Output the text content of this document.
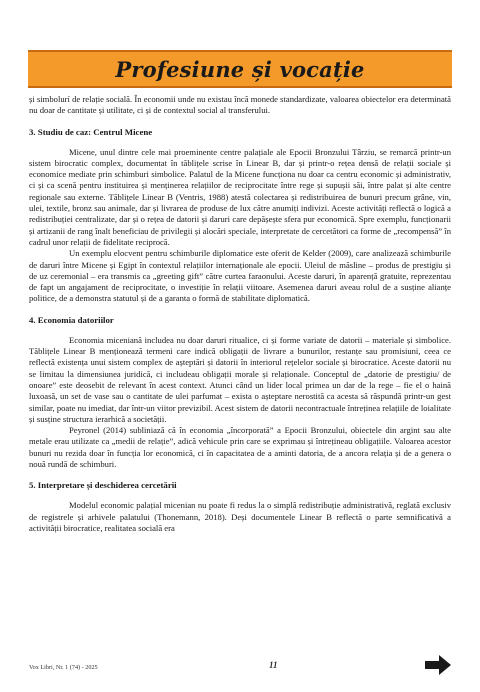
Profesiune și vocație

și simbolurí de relație socială. În economii unde nu existau încă monede standardizate, valoarea obiectelor era determinată nu doar de cantitate și utilitate, ci și de contextul social al transferului.

3. Studiu de caz: Centrul Micene

Micene, unul dintre cele mai proeminente centre palațiale ale Epocii Bronzului Târziu, se remarcă printr-un sistem birocratic complex, documentat în tăblițele scrise în Linear B, dar și printr-o rețea densă de relații sociale și economice mediate prin schimburi simbolice. Palatul de la Micene funcționa nu doar ca centru economic și administrativ, ci și ca scenă pentru instituirea și menținerea relațiilor de reciprocitate între rege și supușii săi, între palat și alte centre regionale sau externe. Tăblițele Linear B (Ventris, 1988) atestă colectarea și redistribuirea de bunuri precum grâne, vin, ulei, textile, bronz sau animale, dar și livrarea de produse de lux către anumiți indivizi. Aceste activități reflectă o logică a redistribuției centralizate, dar și o rețea de datorii și daruri care depășește sfera pur economică. Spre exemplu, funcționarii și artizanii de rang înalt beneficiau de privilegii și alocări speciale, interpretate de cercetători ca forme de „recompensă” în cadrul unor relații de fidelitate reciprocă.

Un exemplu elocvent pentru schimburile diplomatice este oferit de Kelder (2009), care analizează schimburile de daruri între Micene și Egipt în contextul relațiilor internaționale ale epocii. Uleiul de măsline – produs de prestigiu și de uz ceremonial – era transmis ca „greeting gift” către curtea faraonului. Aceste daruri, în aparență gratuite, reprezentau de fapt un angajament de reciprocitate, o investiție în relații viitoare. Asemenea daruri aveau rolul de a susține alianțe politice, de a demonstra statutul și de a garanta o formă de stabilitate diplomatică.

4. Economia datoriilor

Economia miceniană includea nu doar daruri ritualice, ci și forme variate de datorii – materiale și simbolice. Tăblițele Linear B menționează termeni care indică obligații de livrare a bunurilor, restanțe sau promisiuni, ceea ce reflectă existența unui sistem complex de așteptări și datorii în interiorul rețelelor sociale și birocratice. Aceste datorii nu se limitau la dimensiunea juridică, ci includeau obligații morale și relaționale. Conceptul de „datorie de prestigiu/ de onoare” este deosebit de relevant în acest context. Atunci când un lider local primea un dar de la rege – fie el o haină luxoasă, un set de vase sau o cantitate de ulei parfumat – exista o așteptare nerostită ca acesta să răspundă printr-un gest similar, poate nu imediat, dar într-un viitor previzibil. Acest sistem de datorii necontractuale întreținea relațiile de loialitate și susține structura ierarhică a societății.

Peyronel (2014) subliniază că în economia „încorporată” a Epocii Bronzului, obiectele din argint sau alte metale erau utilizate ca „medii de relație”, adică vehicule prin care se exprimau și întrețineau obligațiile. Valoarea acestor bunuri nu rezida doar în funcția lor economică, ci în capacitatea de a aminti datoria, de a ancora relația și de a genera o nouă rundă de schimburi.

5. Interpretare și deschiderea cercetării

Modelul economic palațial micenian nu poate fi redus la o simplă redistribuție administrativă, reglată exclusiv de registrele și arhivele palatului (Thonemann, 2018). Deși documentele Linear B reflectă o parte semnificativă a activității birocratice, realitatea socială era

Vox Libri, Nr. 1 (74) - 2025	11
